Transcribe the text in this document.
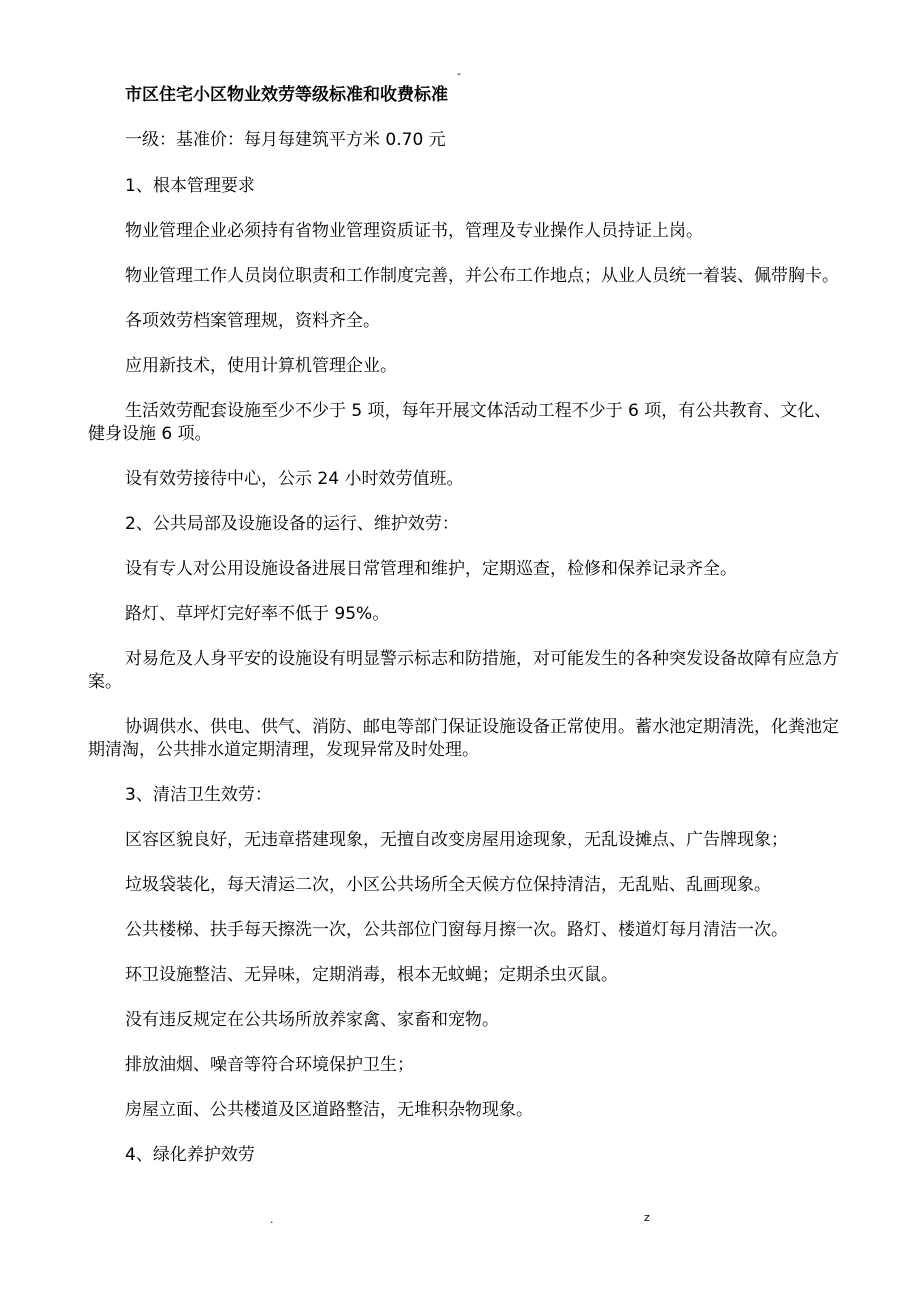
-

市区住宅小区物业效劳等级标准和收费标准

一级：基准价：每月每建筑平方米 0.70 元

1、根本管理要求

物业管理企业必须持有省物业管理资质证书，管理及专业操作人员持证上岗。

物业管理工作人员岗位职责和工作制度完善，并公布工作地点；从业人员统一着装、佩带胸卡。

各项效劳档案管理规，资料齐全。

应用新技术，使用计算机管理企业。

生活效劳配套设施至少不少于 5 项，每年开展文体活动工程不少于 6 项，有公共教育、文化、健身设施 6 项。

设有效劳接待中心，公示 24 小时效劳值班。

2、公共局部及设施设备的运行、维护效劳：

设有专人对公用设施设备进展日常管理和维护，定期巡查，检修和保养记录齐全。

路灯、草坪灯完好率不低于 95%。

对易危及人身平安的设施设有明显警示标志和防措施，对可能发生的各种突发设备故障有应急方案。

协调供水、供电、供气、消防、邮电等部门保证设施设备正常使用。蓄水池定期清洗，化粪池定期清淘，公共排水道定期清理，发现异常及时处理。

3、清洁卫生效劳：

区容区貌良好，无违章搭建现象，无擅自改变房屋用途现象，无乱设摊点、广告牌现象；

垃圾袋装化，每天清运二次，小区公共场所全天候方位保持清洁，无乱贴、乱画现象。

公共楼梯、扶手每天擦洗一次，公共部位门窗每月擦一次。路灯、楼道灯每月清洁一次。

环卫设施整洁、无异味，定期消毒，根本无蚊蝇；定期杀虫灭鼠。

没有违反规定在公共场所放养家禽、家畜和宠物。

排放油烟、噪音等符合环境保护卫生；

房屋立面、公共楼道及区道路整洁，无堆积杂物现象。

4、绿化养护效劳

.	z
